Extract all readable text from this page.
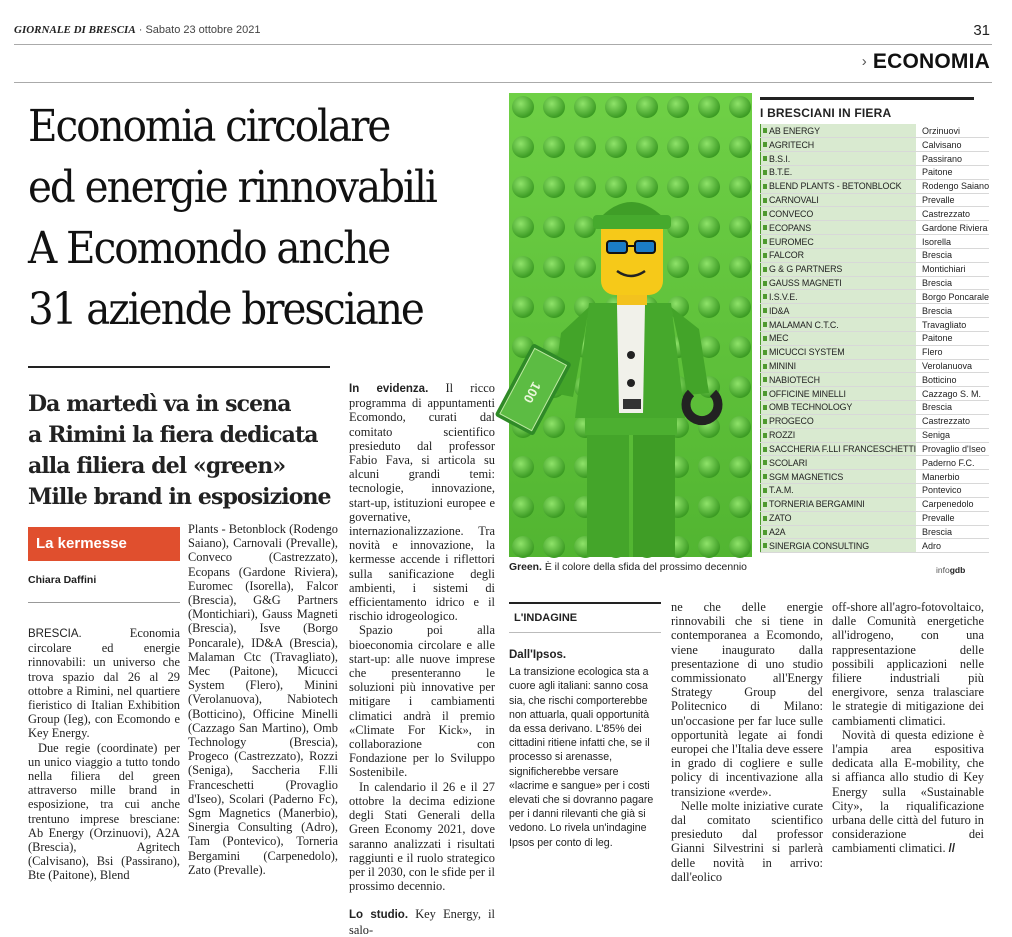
GIORNALE DI BRESCIA · Sabato 23 ottobre 2021	31
› ECONOMIA
Economia circolare
ed energie rinnovabili
A Ecomondo anche
31 aziende bresciane
Da martedì va in scena
a Rimini la fiera dedicata
alla filiera del «green»
Mille brand in esposizione
La kermesse
Chiara Daffini

BRESCIA.	Economia circolare ed energie rinnovabili: un universo che trova spazio dal 26 al 29 ottobre a Rimini, nel quartiere fieristico di Italian Exhibition Group (Ieg), con Ecomondo e Key Energy.

Due regie (coordinate) per un unico viaggio a tutto tondo nella filiera del green attraverso mille brand in esposizione, tra cui anche trentuno imprese bresciane: Ab Energy (Orzinuovi), A2A (Brescia), Agritech (Calvisano), Bsi (Passirano), Bte (Paitone), Blend

Plants - Betonblock (Rodengo Saiano), Carnovali (Prevalle), Conveco (Castrezzato), Ecopans (Gardone Riviera), Euromec (Isorella), Falcor (Brescia), G&G Partners (Montichiari), Gauss Magneti (Brescia), Isve (Borgo Poncarale), ID&A (Brescia), Malaman Ctc (Travagliato), Mec (Paitone), Micucci System (Flero), Minini (Verolanuova), Nabiotech (Botticino), Officine Minelli (Cazzago San Martino), Omb Technology (Brescia), Progeco (Castrezzato), Rozzi (Seniga), Saccheria F.lli Franceschetti (Provaglio d'Iseo), Scolari (Paderno Fc), Sgm Magnetics (Manerbio), Sinergia Consulting (Adro), Tam (Pontevico), Torneria Bergamini (Carpenedolo), Zato (Prevalle).

In evidenza. Il ricco programma di appuntamenti Ecomondo, curati dal comitato scientifico presieduto dal professor Fabio Fava, si articola su alcuni grandi temi: tecnologie, innovazione, start-up, istituzioni europee e governative, internazionalizzazione. Tra novità e innovazione, la kermesse accende i riflettori sulla sanificazione degli ambienti, i sistemi di efficientamento idrico e il rischio idrogeologico.

Spazio poi alla bioeconomia circolare e alle start-up: alle nuove imprese che presenteranno le soluzioni più innovative per mitigare i cambiamenti climatici andrà il premio «Climate For Kick», in collaborazione con Fondazione per lo Sviluppo Sostenibile.

In calendario il 26 e il 27 ottobre la decima edizione degli Stati Generali della Green Economy 2021, dove saranno analizzati i risultati raggiunti e il ruolo strategico per il 2030, con le sfide per il prossimo decennio.

Lo studio. Key Energy, il salo-

100
Green. È il colore della sfida del prossimo decennio
L'INDAGINE
Dall'Ipsos.
La transizione ecologica sta a cuore agli italiani: sanno cosa sia, che rischi comporterebbe non attuarla, quali opportunità da essa derivano. L'85% dei cittadini ritiene infatti che, se il processo si arenasse, significherebbe versare «lacrime e sangue» per i costi elevati che si dovranno pagare per i danni rilevanti che già si vedono. Lo rivela un'indagine Ipsos per conto di leg.

ne che delle energie rinnovabili che si tiene in contemporanea a Ecomondo, viene inaugurato dalla presentazione di uno studio commissionato all'Energy Strategy Group del Politecnico di Milano: un'occasione per far luce sulle opportunità legate ai fondi europei che l'Italia deve essere in grado di cogliere e sulle policy di incentivazione alla transizione «verde».

Nelle molte iniziative curate dal comitato scientifico presieduto dal professor Gianni Silvestrini si parlerà delle novità in arrivo: dall'eolico

off-shore all'agro-fotovoltaico, dalle Comunità energetiche all'idrogeno, con una rappresentazione delle possibili applicazioni nelle filiere industriali più energivore, senza tralasciare le strategie di mitigazione dei cambiamenti climatici.

Novità di questa edizione è l'ampia area espositiva dedicata alla E-mobility, che si affianca allo studio di Key Energy sulla «Sustainable City», la riqualificazione urbana delle città del futuro in considerazione dei cambiamenti climatici. //

I BRESCIANI IN FIERA
AB ENERGY	Orzinuovi
AGRITECH	Calvisano
B.S.I.	Passirano
B.T.E.	Paitone
BLEND PLANTS - BETONBLOCK	Rodengo Saiano
CARNOVALI	Prevalle
CONVECO	Castrezzato
ECOPANS	Gardone Riviera
EUROMEC	Isorella
FALCOR	Brescia
G & G PARTNERS	Montichiari
GAUSS MAGNETI	Brescia
I.S.V.E.	Borgo Poncarale
ID&A	Brescia
MALAMAN C.T.C.	Travagliato
MEC	Paitone
MICUCCI SYSTEM	Flero
MININI	Verolanuova
NABIOTECH	Botticino
OFFICINE MINELLI	Cazzago S. M.
OMB TECHNOLOGY	Brescia
PROGECO	Castrezzato
ROZZI	Seniga
SACCHERIA F.LLI FRANCESCHETTI	Provaglio d'Iseo
SCOLARI	Paderno F.C.
SGM MAGNETICS	Manerbio
T.A.M.	Pontevico
TORNERIA BERGAMINI	Carpenedolo
ZATO	Prevalle
A2A	Brescia
SINERGIA CONSULTING	Adro
infogdb
